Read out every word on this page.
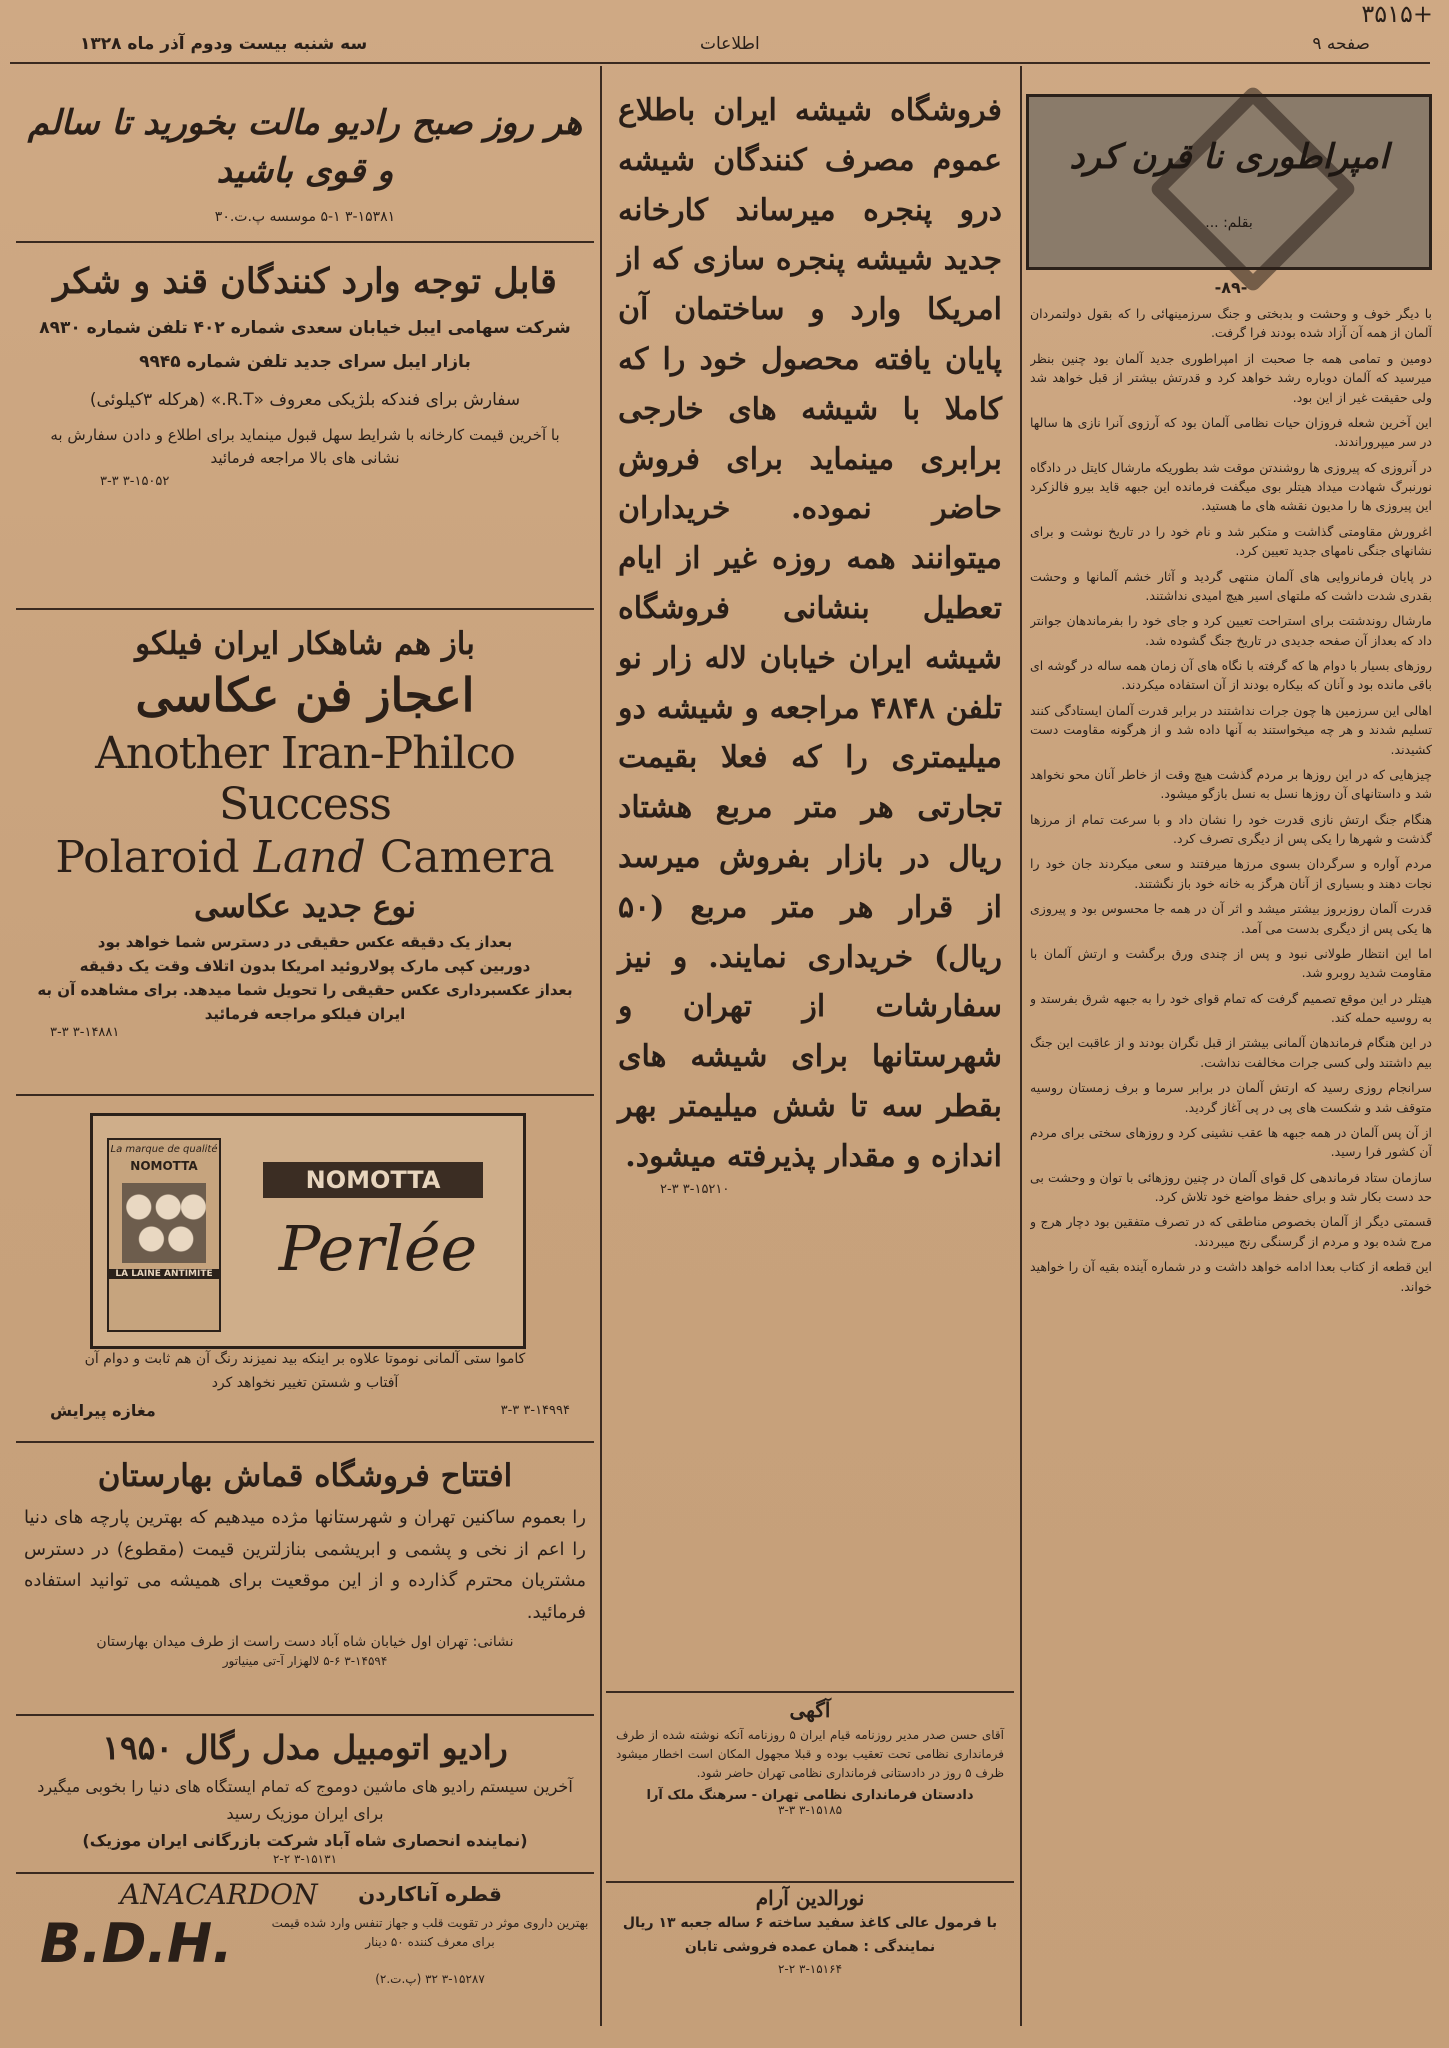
سه شنبه بیست ودوم آذر ماه ۱۳۲۸	اطلاعات	صفحه ۹
۳۵۱۵+
هر روز صبح رادیو مالت بخورید تا سالم و قوی باشید
۳-۱۵۳۸۱ ۵-۱ موسسه پ.ت.۳۰
قابل توجه وارد کنندگان قند و شکر
شرکت سهامی ایبل خیابان سعدی شماره ۴۰۲ تلفن شماره ۸۹۳۰
بازار ایبل سرای جدید تلفن شماره ۹۹۴۵
سفارش برای فندکه بلژیکی معروف «R.T.» (هرکله ۳کیلوئی)
با آخرین قیمت کارخانه با شرایط سهل قبول مینماید برای اطلاع و دادن سفارش به نشانی های بالا مراجعه فرمائید
۳-۱۵۰۵۲ ۳-۳
باز هم شاهکار ایران فیلکو
اعجاز فن عکاسی
Another Iran-Philco Success
Polaroid Land Camera
نوع جدید عکاسی
بعداز یک دقیقه عکس حقیقی در دسترس شما خواهد بود
دوربین کپی مارک پولاروئید امریکا بدون اتلاف وقت یک دقیقه
بعداز عکسبرداری عکس حقیقی را تحویل شما میدهد. برای مشاهده آن به
ایران فیلکو مراجعه فرمائید
۳-۱۴۸۸۱ ۳-۳
La marque de qualité
NOMOTTA
LA LAINE ANTIMITE
NOMOTTA
Perlée
کاموا ستی آلمانی نوموتا علاوه بر اینکه بید نمیزند رنگ آن هم ثابت و دوام آن
آفتاب و شستن تغییر نخواهد کرد
مغازه پیرایش	۳-۱۴۹۹۴ ۳-۳
افتتاح فروشگاه قماش بهارستان
را بعموم ساکنین تهران و شهرستانها مژده میدهیم که بهترین پارچه های دنیا را اعم از نخی و پشمی و ابریشمی بنازلترین قیمت (مقطوع) در دسترس مشتریان محترم گذارده و از این موقعیت برای همیشه می توانید استفاده فرمائید.
نشانی: تهران اول خیابان شاه آباد دست راست از طرف میدان بهارستان
۳-۱۴۵۹۴ ۵-۶ لالهزار آ-تی مینیاتور
رادیو اتومبیل مدل رگال ۱۹۵۰
آخرین سیستم رادیو های ماشین دوموج که تمام ایستگاه های دنیا را بخوبی میگیرد برای ایران موزیک رسید
(نماینده انحصاری شاه آباد شرکت بازرگانی ایران موزیک)
۳-۱۵۱۳۱ ۲-۲
ANACARDON
B.D.H.
قطره آناکاردن
بهترین داروی موثر در تقویت قلب و جهاز تنفس وارد شده قیمت برای معرف کننده ۵۰ دینار
۳-۱۵۲۸۷ ۳۲ (پ.ت.۲)
فروشگاه شیشه ایران باطلاع عموم مصرف کنندگان شیشه درو پنجره میرساند کارخانه جدید شیشه پنجره سازی که از امریکا وارد و ساختمان آن پایان یافته محصول خود را که کاملا با شیشه های خارجی برابری مینماید برای فروش حاضر نموده. خریداران میتوانند همه روزه غیر از ایام تعطیل بنشانی فروشگاه شیشه ایران خیابان لاله زار نو تلفن ۴۸۴۸ مراجعه و شیشه دو میلیمتری را که فعلا بقیمت تجارتی هر متر مربع هشتاد ریال در بازار بفروش میرسد از قرار هر متر مربع (۵۰ ریال) خریداری نمایند. و نیز سفارشات از تهران و شهرستانها برای شیشه های بقطر سه تا شش میلیمتر بهر اندازه و مقدار پذیرفته میشود.
۳-۱۵۲۱۰ ۲-۳
آگهی
آقای حسن صدر مدیر روزنامه قیام ایران ۵ روزنامه آنکه نوشته شده از طرف فرمانداری نظامی تحت تعقیب بوده و قبلا مجهول المکان است اخطار میشود ظرف ۵ روز در دادستانی فرمانداری نظامی تهران حاضر شود.
دادستان فرمانداری نظامی تهران - سرهنگ ملک آرا
۳-۱۵۱۸۵ ۳-۳
نورالدین آرام
با فرمول عالی کاغذ سفید ساخته ۶ ساله جعبه ۱۳ ریال نمایندگی : همان عمده فروشی تابان
۳-۱۵۱۶۴ ۲-۲
امپراطوری نا قرن کرد
بقلم: ...
-۸۹-

با دیگر خوف و وحشت و بدبختی و جنگ سرزمینهائی را که بقول دولتمردان آلمان از همه آن آزاد شده بودند فرا گرفت.

دومین و تمامی همه جا صحبت از امپراطوری جدید آلمان بود چنین بنظر میرسید که آلمان دوباره رشد خواهد کرد و قدرتش بیشتر از قبل خواهد شد ولی حقیقت غیر از این بود.

این آخرین شعله فروزان حیات نظامی آلمان بود که آرزوی آنرا نازی ها سالها در سر میپروراندند.

در آنروزی که پیروزی ها روشندتن موقت شد بطوریکه مارشال کایتل در دادگاه نورنبرگ شهادت میداد هیتلر بوی میگفت فرمانده این جبهه قاید بیرو فالزکرد این پیروزی ها را مدیون نقشه های ما هستید.

اغرورش مقاومتی گذاشت و متکبر شد و نام خود را در تاریخ نوشت و برای نشانهای جنگی نامهای جدید تعیین کرد.

در پایان فرمانروایی های آلمان منتهی گردید و آثار خشم آلمانها و وحشت بقدری شدت داشت که ملتهای اسیر هیچ امیدی نداشتند.

مارشال روندشتت برای استراحت تعیین کرد و جای خود را بفرماندهان جوانتر داد که بعداز آن صفحه جدیدی در تاریخ جنگ گشوده شد.

روزهای بسیار با دوام ها که گرفته با نگاه های آن زمان همه ساله در گوشه ای باقی مانده بود و آنان که بیکاره بودند از آن استفاده میکردند.

اهالی این سرزمین ها چون جرات نداشتند در برابر قدرت آلمان ایستادگی کنند تسلیم شدند و هر چه میخواستند به آنها داده شد و از هرگونه مقاومت دست کشیدند.

چیزهایی که در این روزها بر مردم گذشت هیچ وقت از خاطر آنان محو نخواهد شد و داستانهای آن روزها نسل به نسل بازگو میشود.

هنگام جنگ ارتش نازی قدرت خود را نشان داد و با سرعت تمام از مرزها گذشت و شهرها را یکی پس از دیگری تصرف کرد.

مردم آواره و سرگردان بسوی مرزها میرفتند و سعی میکردند جان خود را نجات دهند و بسیاری از آنان هرگز به خانه خود باز نگشتند.

قدرت آلمان روزبروز بیشتر میشد و اثر آن در همه جا محسوس بود و پیروزی ها یکی پس از دیگری بدست می آمد.

اما این انتظار طولانی نبود و پس از چندی ورق برگشت و ارتش آلمان با مقاومت شدید روبرو شد.

هیتلر در این موقع تصمیم گرفت که تمام قوای خود را به جبهه شرق بفرستد و به روسیه حمله کند.

در این هنگام فرماندهان آلمانی بیشتر از قبل نگران بودند و از عاقبت این جنگ بیم داشتند ولی کسی جرات مخالفت نداشت.

سرانجام روزی رسید که ارتش آلمان در برابر سرما و برف زمستان روسیه متوقف شد و شکست های پی در پی آغاز گردید.

از آن پس آلمان در همه جبهه ها عقب نشینی کرد و روزهای سختی برای مردم آن کشور فرا رسید.

سازمان ستاد فرماندهی کل قوای آلمان در چنین روزهائی با توان و وحشت بی حد دست بکار شد و برای حفظ مواضع خود تلاش کرد.

قسمتی دیگر از آلمان بخصوص مناطقی که در تصرف متفقین بود دچار هرج و مرج شده بود و مردم از گرسنگی رنج میبردند.

این قطعه از کتاب بعدا ادامه خواهد داشت و در شماره آینده بقیه آن را خواهید خواند.
